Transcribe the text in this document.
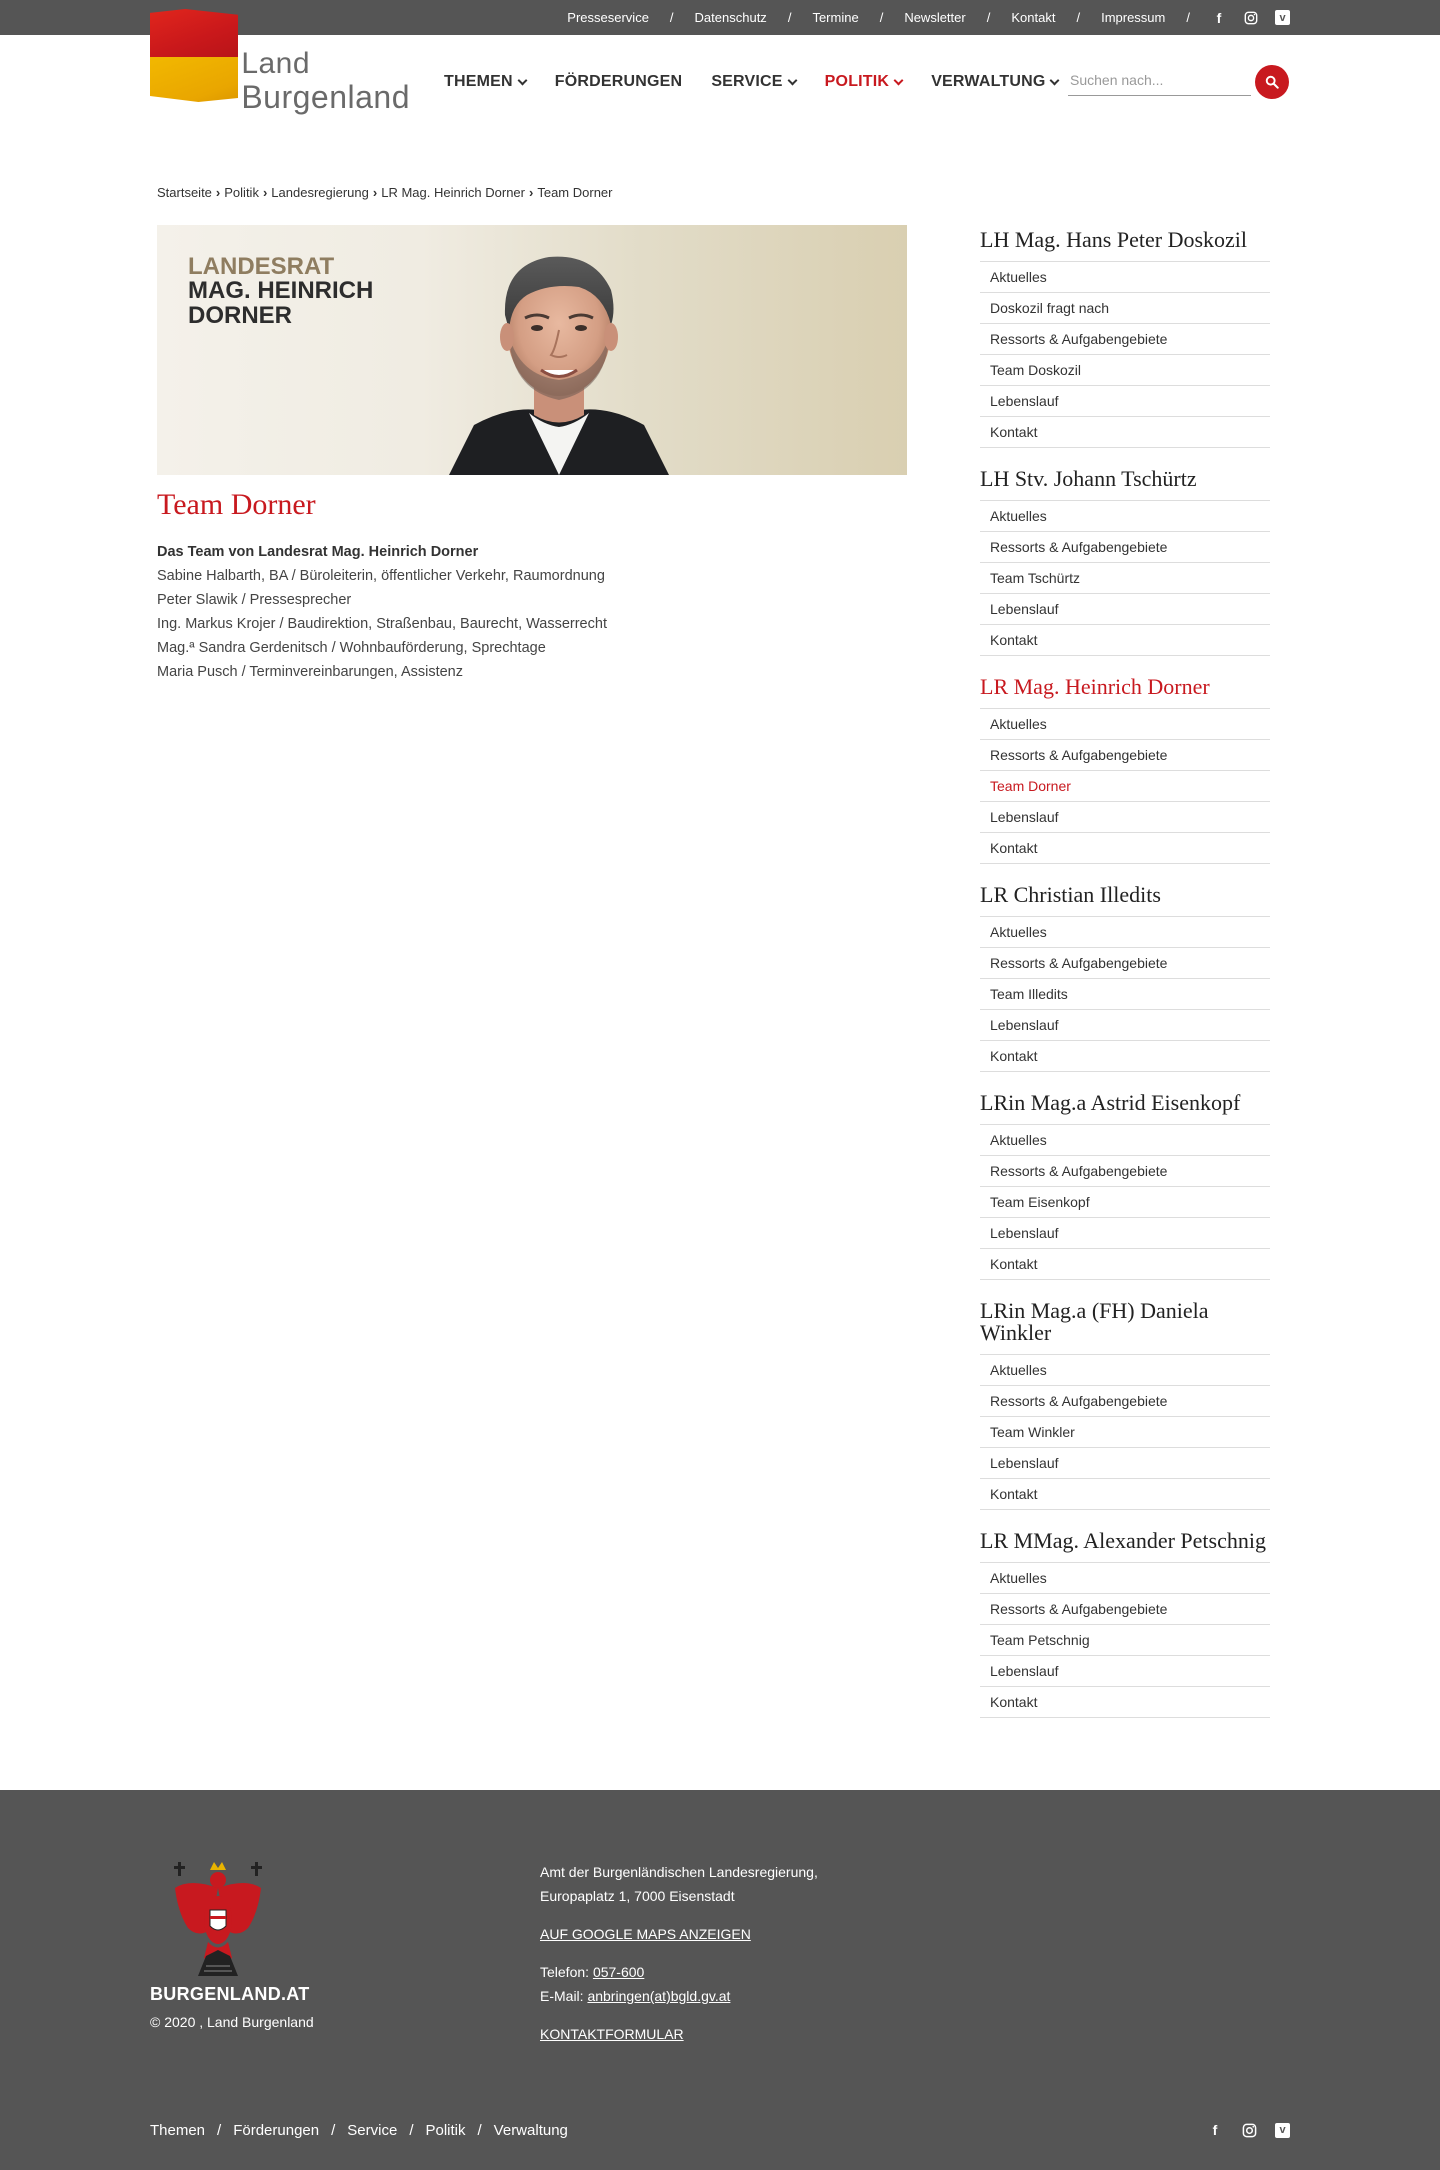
Presseservice / Datenschutz / Termine / Newsletter / Kontakt / Impressum /	f	v
Land
Burgenland THEMEN	FÖRDERUNGEN SERVICE	POLITIK	VERWALTUNG
Suchen nach...
Startseite › Politik › Landesregierung › LR Mag. Heinrich Dorner › Team Dorner
LANDESRAT
MAG. HEINRICH
DORNER
Team Dorner

Das Team von Landesrat Mag. Heinrich Dorner

Sabine Halbarth, BA / Büroleiterin, öffentlicher Verkehr, Raumordnung
Peter Slawik / Pressesprecher
Ing. Markus Krojer / Baudirektion, Straßenbau, Baurecht, Wasserrecht
Mag.ª Sandra Gerdenitsch / Wohnbauförderung, Sprechtage
Maria Pusch / Terminvereinbarungen, Assistenz
LH Mag. Hans Peter Doskozil
Aktuelles
Doskozil fragt nach
Ressorts & Aufgabengebiete
Team Doskozil
Lebenslauf
Kontakt
LH Stv. Johann Tschürtz
Aktuelles
Ressorts & Aufgabengebiete
Team Tschürtz
Lebenslauf
Kontakt
LR Mag. Heinrich Dorner
Aktuelles
Ressorts & Aufgabengebiete
Team Dorner
Lebenslauf
Kontakt
LR Christian Illedits
Aktuelles
Ressorts & Aufgabengebiete
Team Illedits
Lebenslauf
Kontakt
LRin Mag.a Astrid Eisenkopf
Aktuelles
Ressorts & Aufgabengebiete
Team Eisenkopf
Lebenslauf
Kontakt
LRin Mag.a (FH) Daniela Winkler
Aktuelles
Ressorts & Aufgabengebiete
Team Winkler
Lebenslauf
Kontakt
LR MMag. Alexander Petschnig
Aktuelles
Ressorts & Aufgabengebiete
Team Petschnig
Lebenslauf
Kontakt
BURGENLAND.AT
© 2020 , Land Burgenland
Amt der Burgenländischen Landesregierung,
Europaplatz 1, 7000 Eisenstadt
AUF GOOGLE MAPS ANZEIGEN
Telefon: 057-600
E-Mail: anbringen(at)bgld.gv.at
KONTAKTFORMULAR
Themen / Förderungen / Service / Politik / Verwaltung	f	v
